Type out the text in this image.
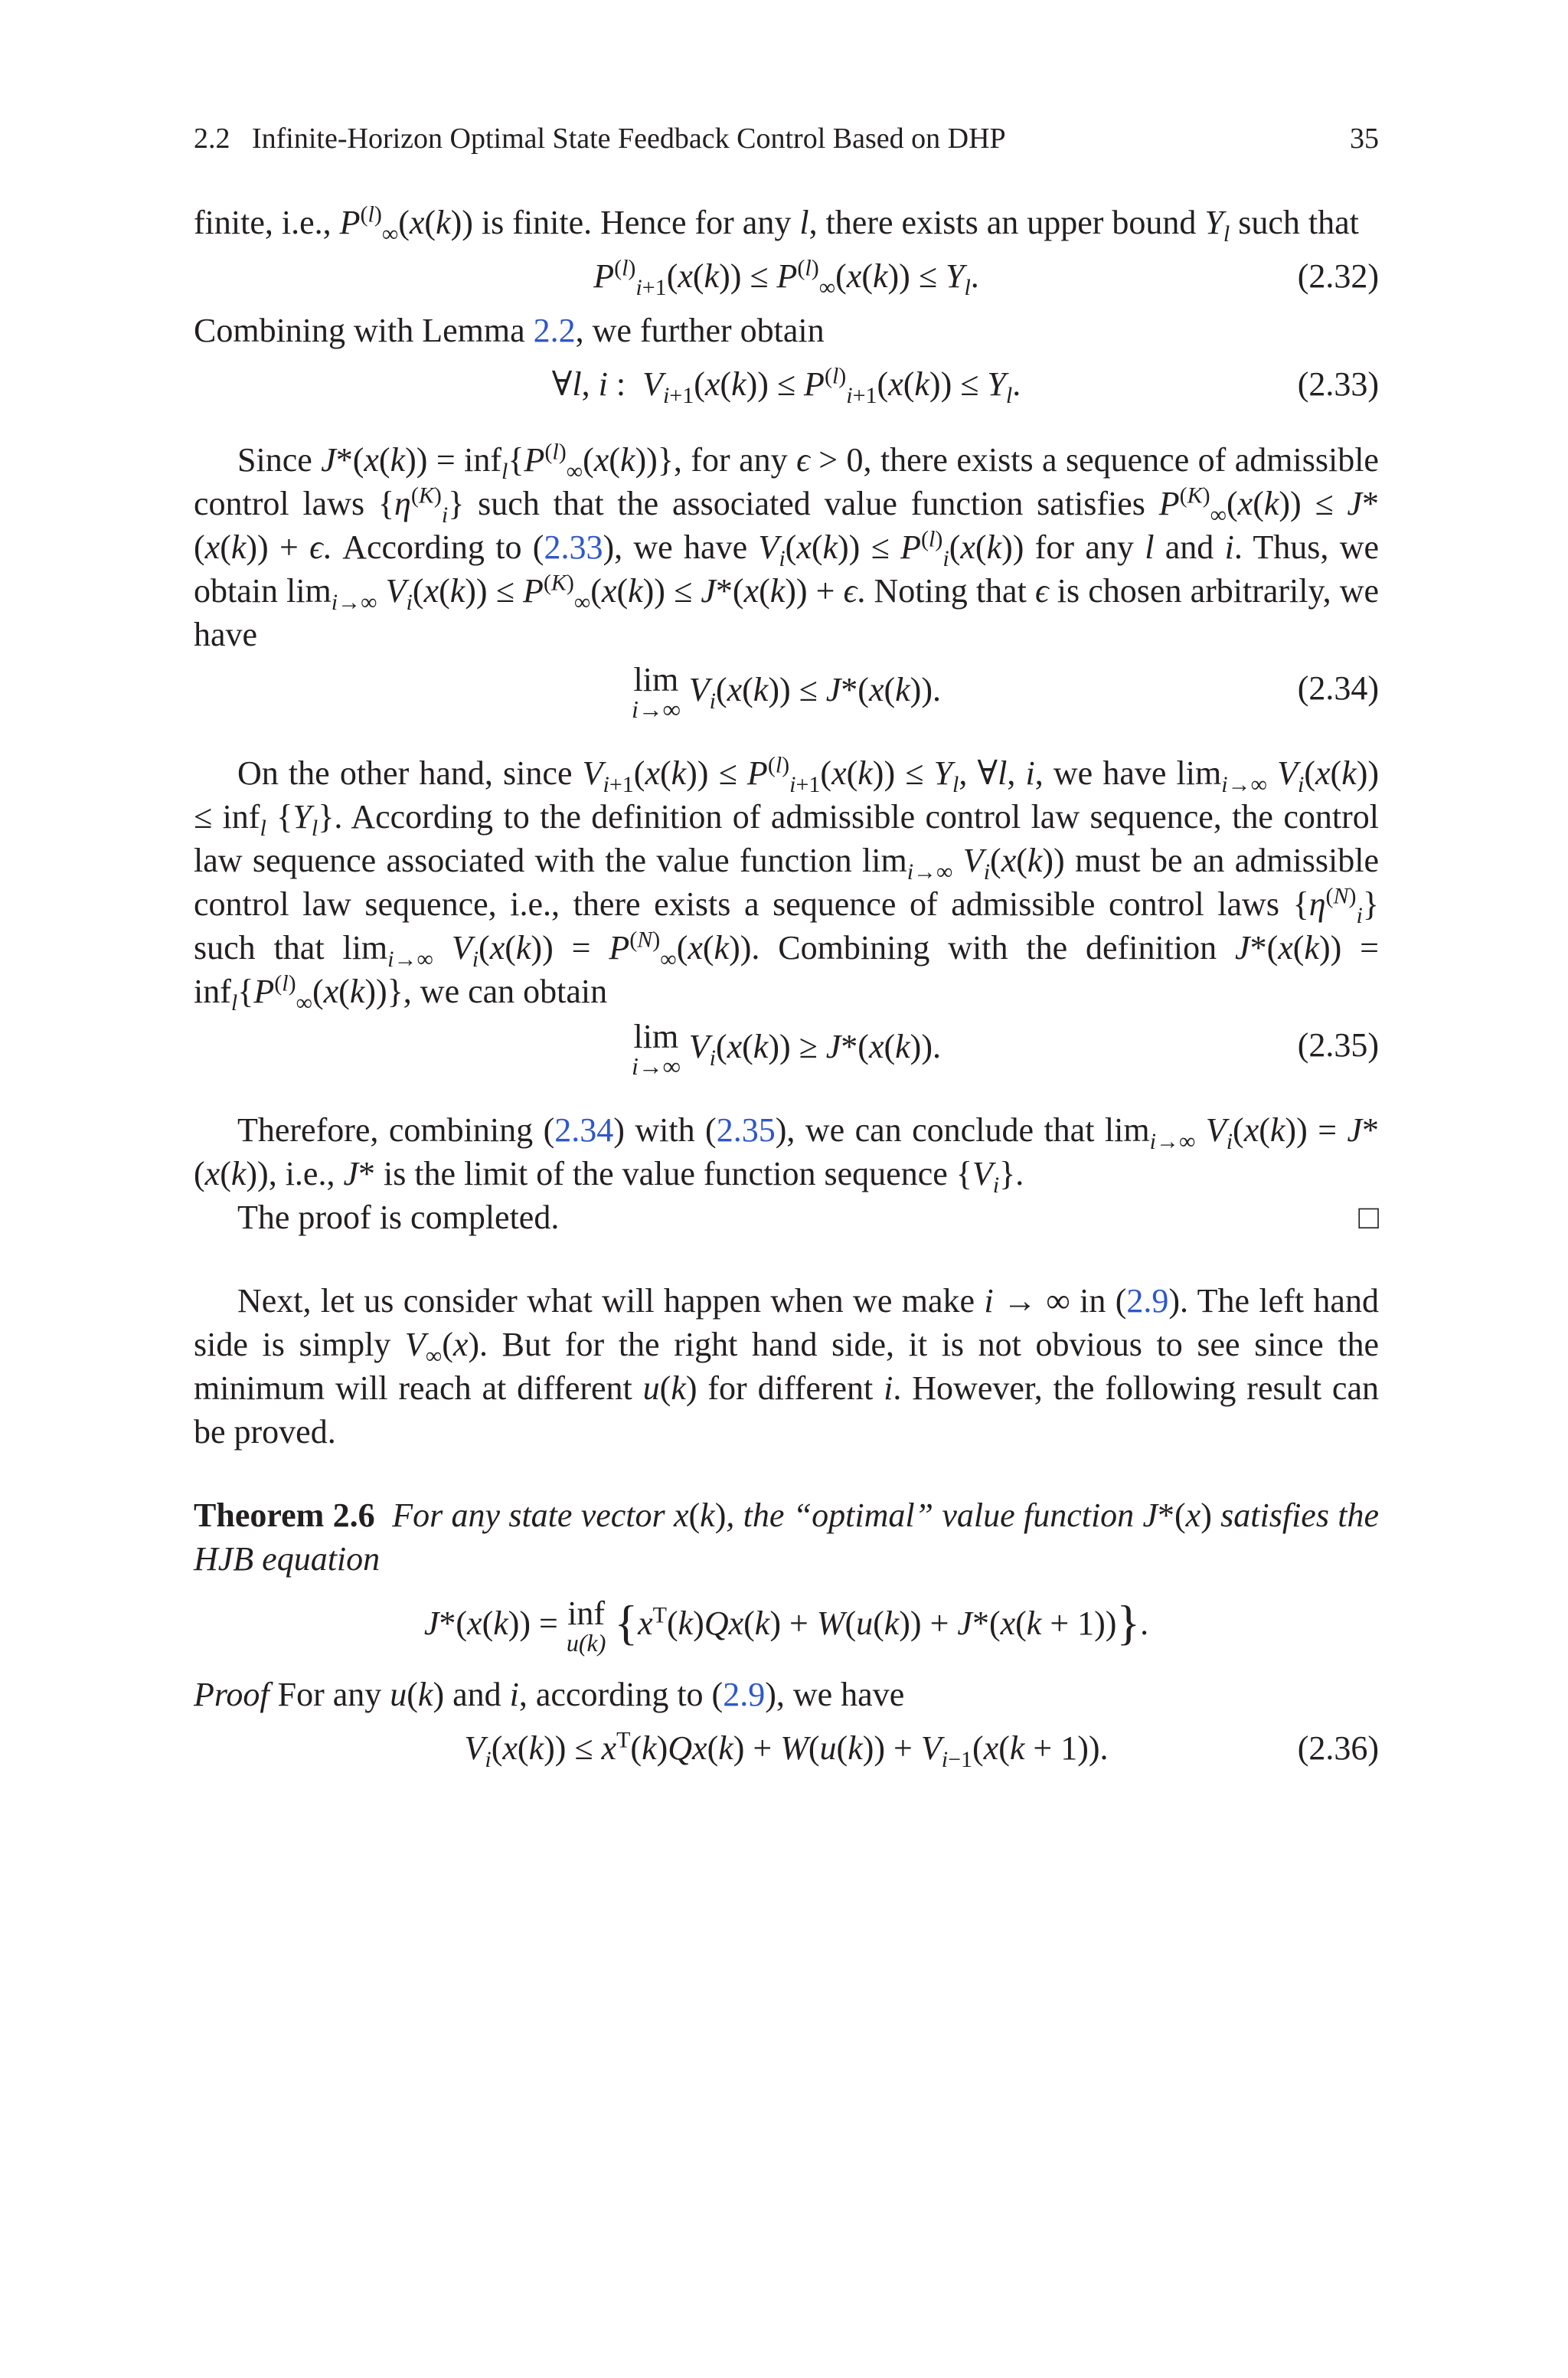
2.2 Infinite-Horizon Optimal State Feedback Control Based on DHP	35

finite, i.e., $P^{(l)}_\infty(x(k))$ is finite. Hence for any l, there exists an upper bound $Y_l$ such that

$P^{(l)}_{i+1}(x(k)) \le P^{(l)}_\infty(x(k)) \le Y_l$.	(2.32)

Combining with Lemma 2.2, we further obtain

∀l, i :  $V_{i+1}(x(k)) \le P^{(l)}_{i+1}(x(k)) \le Y_l$.	(2.33)

Since $J*(x(k)) = inf_l\{P^{(l)}_\infty(x(k))\}$, for any ϵ > 0, there exists a sequence of admissible control laws $\{\eta^{(K)}_i\}$ such that the associated value function satisfies $P^{(K)}_\infty(x(k)) \le J*(x(k)) + \epsilon$. According to (2.33), we have $V_i(x(k)) \le P^{(l)}_i(x(k))$ for any l and i. Thus, we obtain $\lim_{i\to\infty} V_i(x(k)) \le P^{(K)}_\infty(x(k)) \le J*(x(k)) + \epsilon$. Noting that ϵ is chosen arbitrarily, we have

lim
i→∞
$V_i(x(k)) \le J*(x(k))$.	(2.34)

On the other hand, since $V_{i+1}(x(k)) \le P^{(l)}_{i+1}(x(k)) \le Y_l$, ∀l, i, we have $\lim_{i\to\infty} V_i(x(k)) \le inf_l$ $\{Y_l\}$. According to the definition of admissible control law sequence, the control law sequence associated with the value function $\lim_{i\to\infty} V_i(x(k))$ must be an admissible control law sequence, i.e., there exists a sequence of admissible control laws $\{\eta^{(N)}_i\}$ such that $\lim_{i\to\infty} V_i(x(k)) = P^{(N)}_\infty(x(k))$. Combining with the definition $J*(x(k)) = inf_l\{P^{(l)}_\infty(x(k))\}$, we can obtain

lim
i→∞
$V_i(x(k)) \ge J*(x(k))$.	(2.35)

Therefore, combining (2.34) with (2.35), we can conclude that $\lim_{i\to\infty} V_i(x(k)) = J*(x(k))$, i.e., J* is the limit of the value function sequence $\{V_i\}$.

The proof is completed.	□

Next, let us consider what will happen when we make i → ∞ in (2.9). The left hand side is simply $V_\infty(x)$. But for the right hand side, it is not obvious to see since the minimum will reach at different u(k) for different i. However, the following result can be proved.

Theorem 2.6 For any state vector x(k), the “optimal” value function J*(x) satisfies the HJB equation

J*(x(k)) = inf
u(k) $\{x^T(k)Qx(k) + W(u(k)) + J*(x(k + 1))\}$.

Proof For any u(k) and i, according to (2.9), we have

$V_i(x(k)) \le x^T(k)Qx(k) + W(u(k)) + V_{i-1}(x(k + 1))$.	(2.36)
